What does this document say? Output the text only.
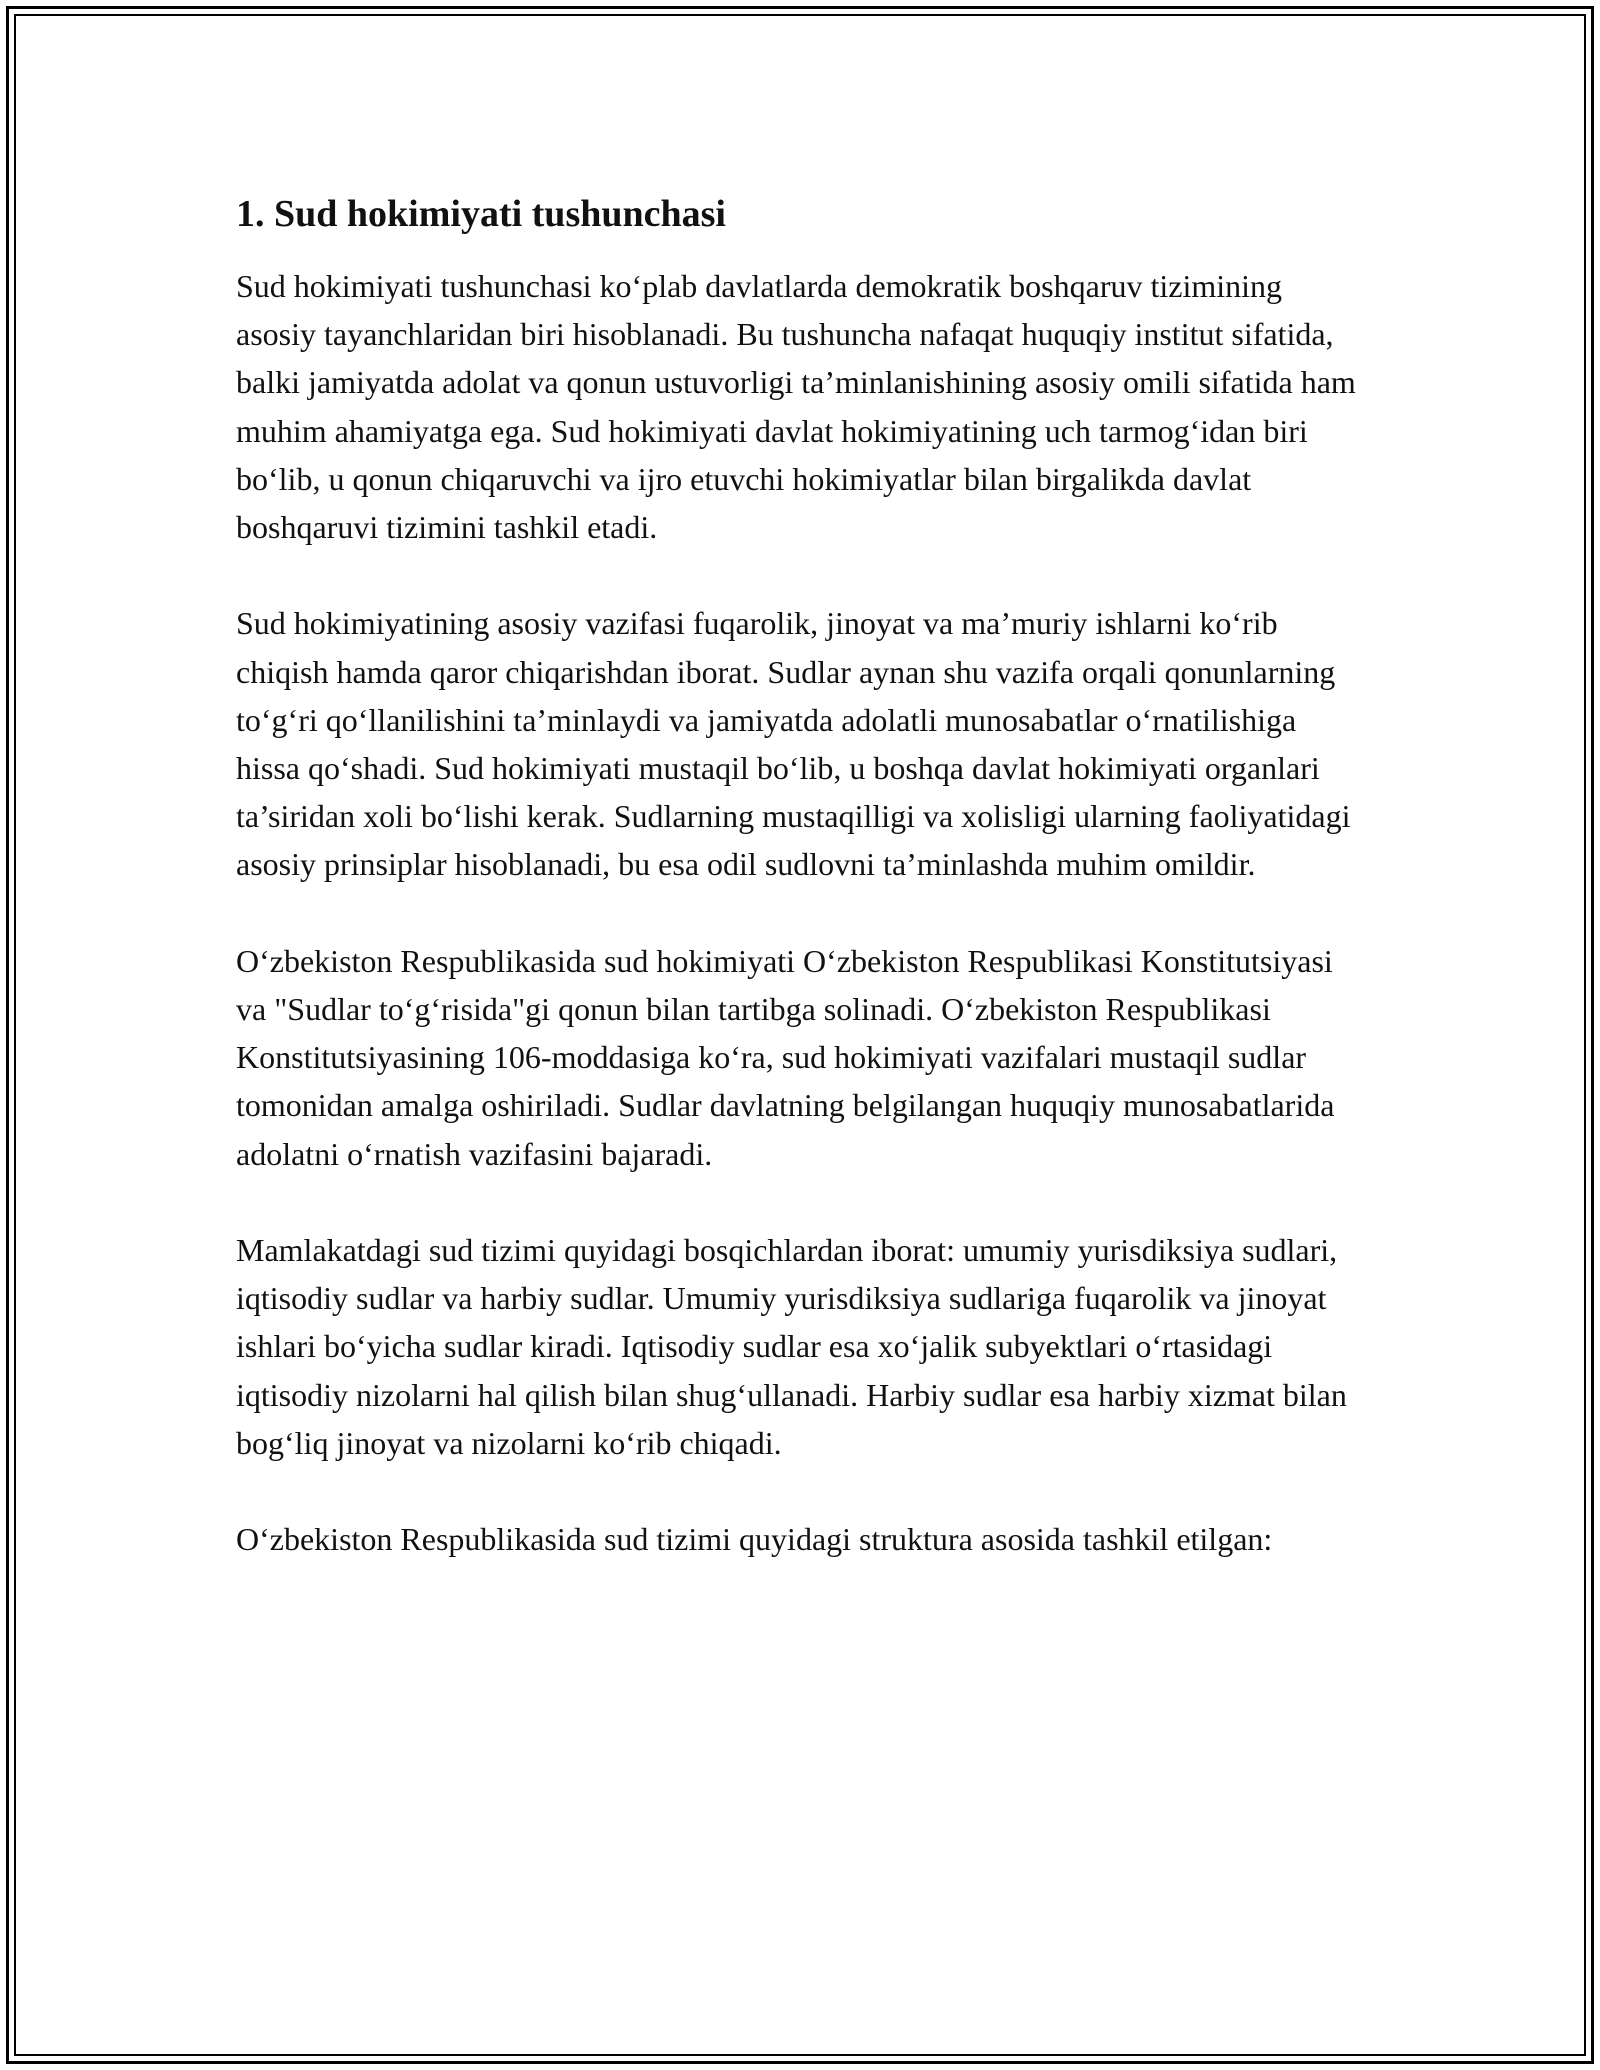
1. Sud hokimiyati tushunchasi

Sud hokimiyati tushunchasi ko‘plab davlatlarda demokratik boshqaruv tizimining asosiy tayanchlaridan biri hisoblanadi. Bu tushuncha nafaqat huquqiy institut sifatida, balki jamiyatda adolat va qonun ustuvorligi ta’minlanishining asosiy omili sifatida ham muhim ahamiyatga ega. Sud hokimiyati davlat hokimiyatining uch tarmog‘idan biri bo‘lib, u qonun chiqaruvchi va ijro etuvchi hokimiyatlar bilan birgalikda davlat boshqaruvi tizimini tashkil etadi.

Sud hokimiyatining asosiy vazifasi fuqarolik, jinoyat va ma’muriy ishlarni ko‘rib chiqish hamda qaror chiqarishdan iborat. Sudlar aynan shu vazifa orqali qonunlarning to‘g‘ri qo‘llanilishini ta’minlaydi va jamiyatda adolatli munosabatlar o‘rnatilishiga hissa qo‘shadi. Sud hokimiyati mustaqil bo‘lib, u boshqa davlat hokimiyati organlari ta’siridan xoli bo‘lishi kerak. Sudlarning mustaqilligi va xolisligi ularning faoliyatidagi asosiy prinsiplar hisoblanadi, bu esa odil sudlovni ta’minlashda muhim omildir.

O‘zbekiston Respublikasida sud hokimiyati O‘zbekiston Respublikasi Konstitutsiyasi va "Sudlar to‘g‘risida"gi qonun bilan tartibga solinadi. O‘zbekiston Respublikasi Konstitutsiyasining 106-moddasiga ko‘ra, sud hokimiyati vazifalari mustaqil sudlar tomonidan amalga oshiriladi. Sudlar davlatning belgilangan huquqiy munosabatlarida adolatni o‘rnatish vazifasini bajaradi.

Mamlakatdagi sud tizimi quyidagi bosqichlardan iborat: umumiy yurisdiksiya sudlari, iqtisodiy sudlar va harbiy sudlar. Umumiy yurisdiksiya sudlariga fuqarolik va jinoyat ishlari bo‘yicha sudlar kiradi. Iqtisodiy sudlar esa xo‘jalik subyektlari o‘rtasidagi iqtisodiy nizolarni hal qilish bilan shug‘ullanadi. Harbiy sudlar esa harbiy xizmat bilan bog‘liq jinoyat va nizolarni ko‘rib chiqadi.

O‘zbekiston Respublikasida sud tizimi quyidagi struktura asosida tashkil etilgan:
